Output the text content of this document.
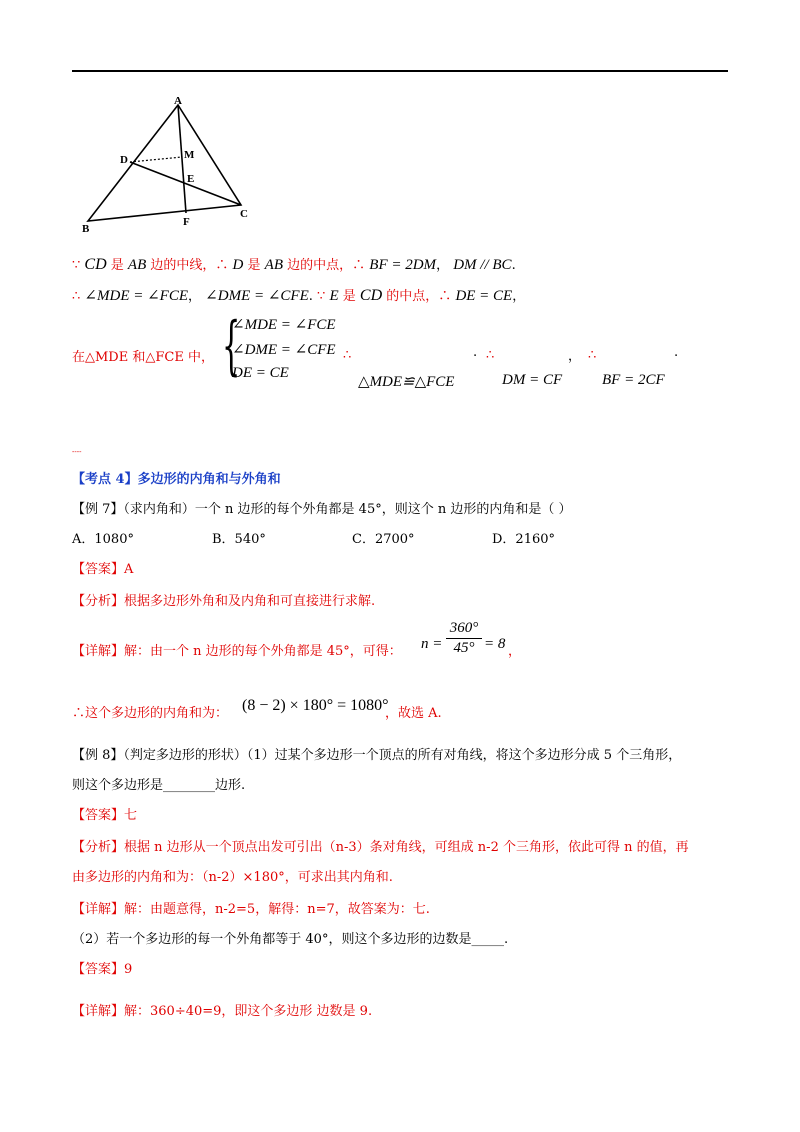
A
D	M
E
F
C
B
∵ CD 是 AB 边的中线，∴ D 是 AB 边的中点，∴ BF = 2DM， DM // BC.
∴ ∠MDE = ∠FCE， ∠DME = ∠CFE. ∵ E 是 CD 的中点，∴ DE = CE，
在△MDE 和△FCE 中， {
∠MDE = ∠FCE
∠DME = ∠CFE
DE = CE
∴	. ∴	， ∴	.
△MDE≌△FCE	DM = CF	BF = 2CF
----
【考点 4】多边形的内角和与外角和
【例 7】（求内角和）一个 n 边形的每个外角都是 45°，则这个 n 边形的内角和是（ ）
A．1080°	B．540°	C．2700°	D．2160°
【答案】A
【分析】根据多边形外角和及内角和可直接进行求解.
【详解】解：由一个 n 边形的每个外角都是 45°，可得： n =
360°
45° = 8 ，
∴这个多边形的内角和为： (8 − 2) × 180° = 1080°
，故选 A.
【例 8】（判定多边形的形状）（1）过某个多边形一个顶点的所有对角线，将这个多边形分成 5 个三角形，
则这个多边形是________边形.
【答案】七
【分析】根据 n 边形从一个顶点出发可引出（n-3）条对角线，可组成 n-2 个三角形，依此可得 n 的值，再
由多边形的内角和为：（n-2）×180°，可求出其内角和.
【详解】解：由题意得，n-2=5，解得：n=7，故答案为：七.
（2）若一个多边形的每一个外角都等于 40°，则这个多边形的边数是_____.
【答案】9
【详解】解：360÷40=9，即这个多边形 边数是 9.
